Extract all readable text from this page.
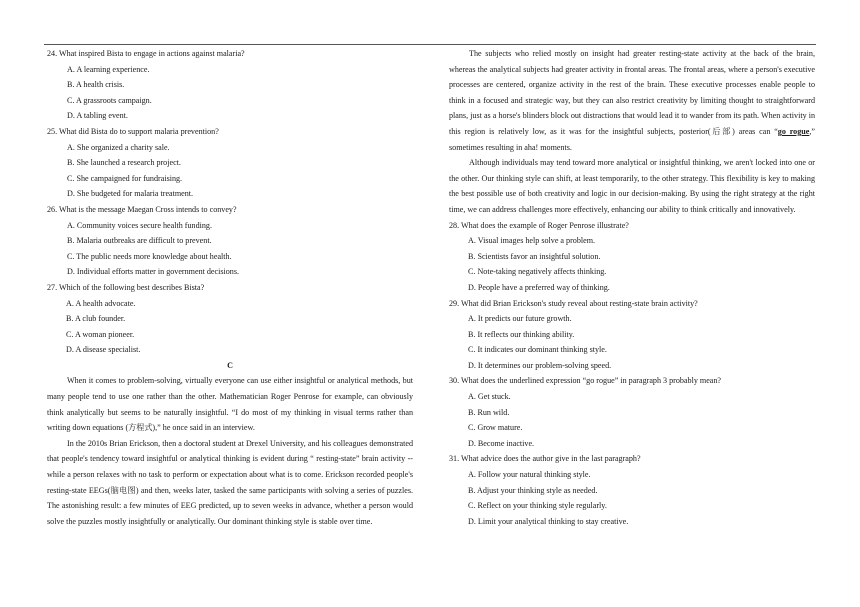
24. What inspired Bista to engage in actions against malaria?

A. A learning experience.

B. A health crisis.

C. A grassroots campaign.

D. A tabling event.

25. What did Bista do to support malaria prevention?

A. She organized a charity sale.

B. She launched a research project.

C. She campaigned for fundraising.

D. She budgeted for malaria treatment.

26. What is the message Maegan Cross intends to convey?

A. Community voices secure health funding.

B. Malaria outbreaks are difficult to prevent.

C. The public needs more knowledge about health.

D. Individual efforts matter in government decisions.

27. Which of the following best describes Bista?

A. A health advocate.

B. A club founder.

C. A woman pioneer.

D. A disease specialist.

C

When it comes to problem-solving, virtually everyone can use either insightful or analytical methods, but many people tend to use one rather than the other. Mathematician Roger Penrose for example, can obviously think analytically but seems to be naturally insightful. “I do most of my thinking in visual terms rather than writing down equations (方程式),” he once said in an interview.

In the 2010s Brian Erickson, then a doctoral student at Drexel University, and his colleagues demonstrated that people's tendency toward insightful or analytical thinking is evident during “ resting-state” brain activity -- while a person relaxes with no task to perform or expectation about what is to come. Erickson recorded people's resting-state EEGs(脑电图) and then, weeks later, tasked the same participants with solving a series of puzzles. The astonishing result: a few minutes of EEG predicted, up to seven weeks in advance, whether a person would solve the puzzles mostly insightfully or analytically. Our dominant thinking style is stable over time.

The subjects who relied mostly on insight had greater resting-state activity at the back of the brain, whereas the analytical subjects had greater activity in frontal areas. The frontal areas, where a person's executive processes are centered, organize activity in the rest of the brain. These executive processes enable people to think in a focused and strategic way, but they can also restrict creativity by limiting thought to straightforward plans, just as a horse's blinders block out distractions that would lead it to wander from its path. When activity in this region is relatively low, as it was for the insightful subjects, posterior(后部) areas can “go rogue,” sometimes resulting in aha! moments.

Although individuals may tend toward more analytical or insightful thinking, we aren't locked into one or the other. Our thinking style can shift, at least temporarily, to the other strategy. This flexibility is key to making the best possible use of both creativity and logic in our decision-making. By using the right strategy at the right time, we can address challenges more effectively, enhancing our ability to think critically and innovatively.

28. What does the example of Roger Penrose illustrate?

A. Visual images help solve a problem.

B. Scientists favor an insightful solution.

C. Note-taking negatively affects thinking.

D. People have a preferred way of thinking.

29. What did Brian Erickson's study reveal about resting-state brain activity?

A. It predicts our future growth.

B. It reflects our thinking ability.

C. It indicates our dominant thinking style.

D. It determines our problem-solving speed.

30. What does the underlined expression “go rogue” in paragraph 3 probably mean?

A. Get stuck.

B. Run wild.

C. Grow mature.

D. Become inactive.

31. What advice does the author give in the last paragraph?

A. Follow your natural thinking style.

B. Adjust your thinking style as needed.

C. Reflect on your thinking style regularly.

D. Limit your analytical thinking to stay creative.
